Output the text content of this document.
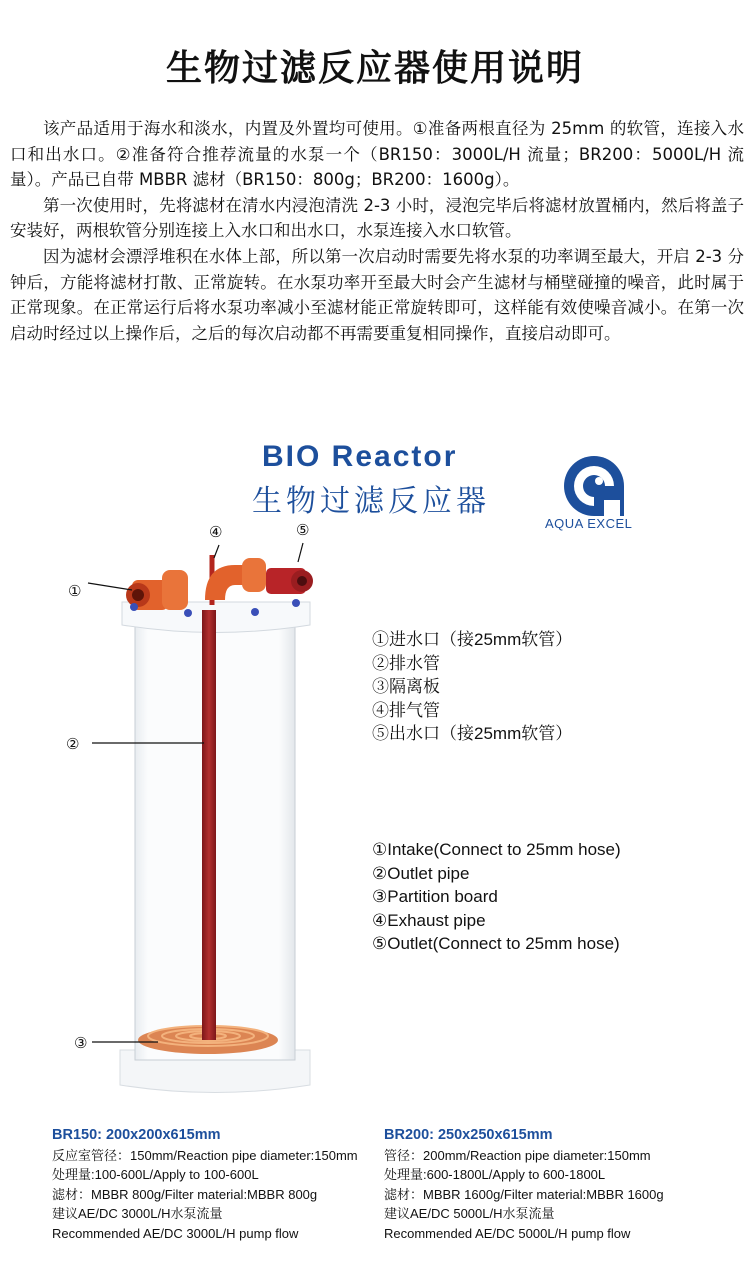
生物过滤反应器使用说明

该产品适用于海水和淡水，内置及外置均可使用。①准备两根直径为 25mm 的软管，连接入水口和出水口。②准备符合推荐流量的水泵一个（BR150：3000L/H 流量；BR200：5000L/H 流量）。产品已自带 MBBR 滤材（BR150：800g；BR200：1600g）。

第一次使用时，先将滤材在清水内浸泡清洗 2-3 小时，浸泡完毕后将滤材放置桶内，然后将盖子安装好，两根软管分别连接上入水口和出水口，水泵连接入水口软管。

因为滤材会漂浮堆积在水体上部，所以第一次启动时需要先将水泵的功率调至最大，开启 2-3 分钟后，方能将滤材打散、正常旋转。在水泵功率开至最大时会产生滤材与桶壁碰撞的噪音，此时属于正常现象。在正常运行后将水泵功率减小至滤材能正常旋转即可，这样能有效使噪音减小。在第一次启动时经过以上操作后，之后的每次启动都不再需要重复相同操作，直接启动即可。

BIO Reactor
生物过滤反应器
AQUA EXCEL
①
②
③
④	⑤
①进水口（接25mm软管）
②排水管
③隔离板
④排气管
⑤出水口（接25mm软管）
①Intake(Connect to 25mm hose)
②Outlet pipe
③Partition board
④Exhaust pipe
⑤Outlet(Connect to 25mm hose)
BR150: 200x200x615mm
反应室管径：150mm/Reaction pipe diameter:150mm
处理量:100-600L/Apply to 100-600L
滤材：MBBR 800g/Filter material:MBBR 800g
建议AE/DC 3000L/H水泵流量
Recommended AE/DC 3000L/H pump flow
BR200: 250x250x615mm
管径：200mm/Reaction pipe diameter:150mm
处理量:600-1800L/Apply to 600-1800L
滤材：MBBR 1600g/Filter material:MBBR 1600g
建议AE/DC 5000L/H水泵流量
Recommended AE/DC 5000L/H pump flow
